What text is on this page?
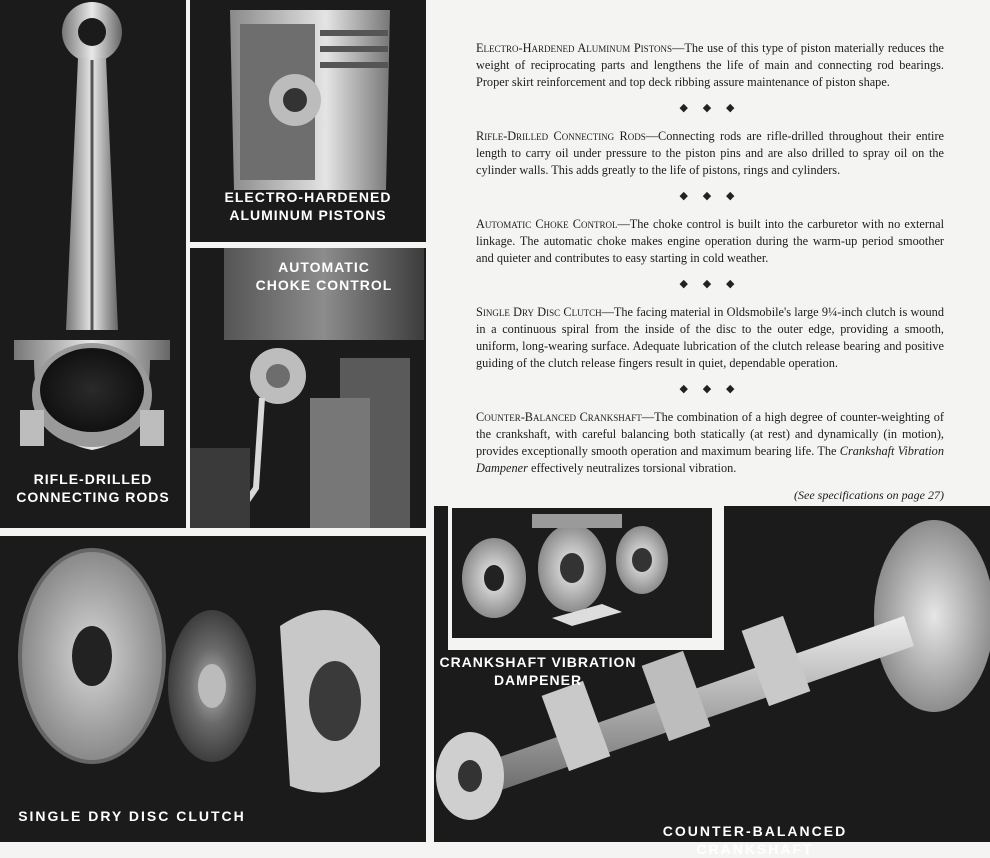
RIFLE-DRILLED
CONNECTING RODS
ELECTRO-HARDENED
ALUMINUM PISTONS
AUTOMATIC
CHOKE CONTROL
SINGLE DRY DISC CLUTCH
CRANKSHAFT VIBRATION
DAMPENER
COUNTER-BALANCED CRANKSHAFT

Electro-Hardened Aluminum Pistons—The use of this type of piston materially reduces the weight of reciprocating parts and lengthens the life of main and connecting rod bearings. Proper skirt reinforcement and top deck ribbing assure maintenance of piston shape.

◆ ◆ ◆

Rifle-Drilled Connecting Rods—Connecting rods are rifle-drilled throughout their entire length to carry oil under pressure to the piston pins and are also drilled to spray oil on the cylinder walls. This adds greatly to the life of pistons, rings and cylinders.

◆ ◆ ◆

Automatic Choke Control—The choke control is built into the carburetor with no external linkage. The automatic choke makes engine operation during the warm-up period smoother and quieter and contributes to easy starting in cold weather.

◆ ◆ ◆

Single Dry Disc Clutch—The facing material in Oldsmobile's large 9¼-inch clutch is wound in a continuous spiral from the inside of the disc to the outer edge, providing a smooth, uniform, long-wearing surface. Adequate lubrication of the clutch release bearing and positive guiding of the clutch release fingers result in quiet, dependable operation.

◆ ◆ ◆

Counter-Balanced Crankshaft—The combination of a high degree of counter-weighting of the crankshaft, with careful balancing both statically (at rest) and dynamically (in motion), provides exceptionally smooth operation and maximum bearing life. The Crankshaft Vibration Dampener effectively neutralizes torsional vibration.

(See specifications on page 27)
